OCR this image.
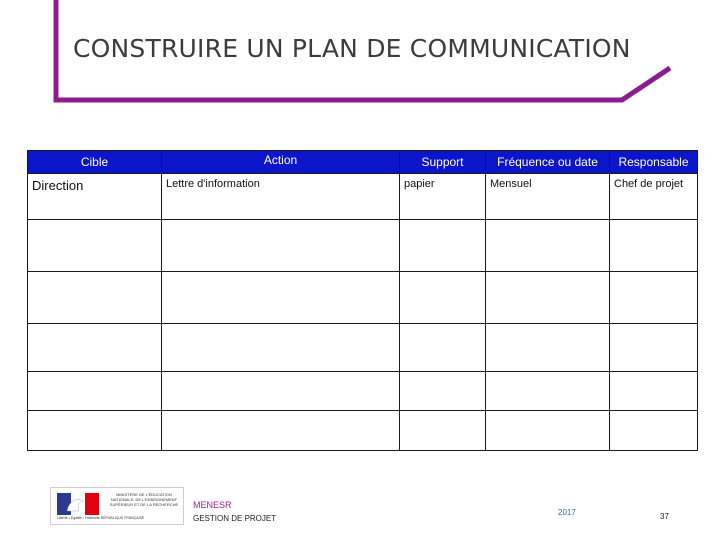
CONSTRUIRE UN PLAN DE COMMUNICATION
Cible	Action	Support	Fréquence ou date	Responsable
Direction	Lettre d'information	papier	Mensuel	Chef de projet

Liberté • Égalité • Fraternité RÉPUBLIQUE FRANÇAISE
MINISTÈRE DE L'ÉDUCATION NATIONALE, DE L'ENSEIGNEMENT SUPÉRIEUR ET DE LA RECHERCHE MENESR
GESTION DE PROJET
2017	37
